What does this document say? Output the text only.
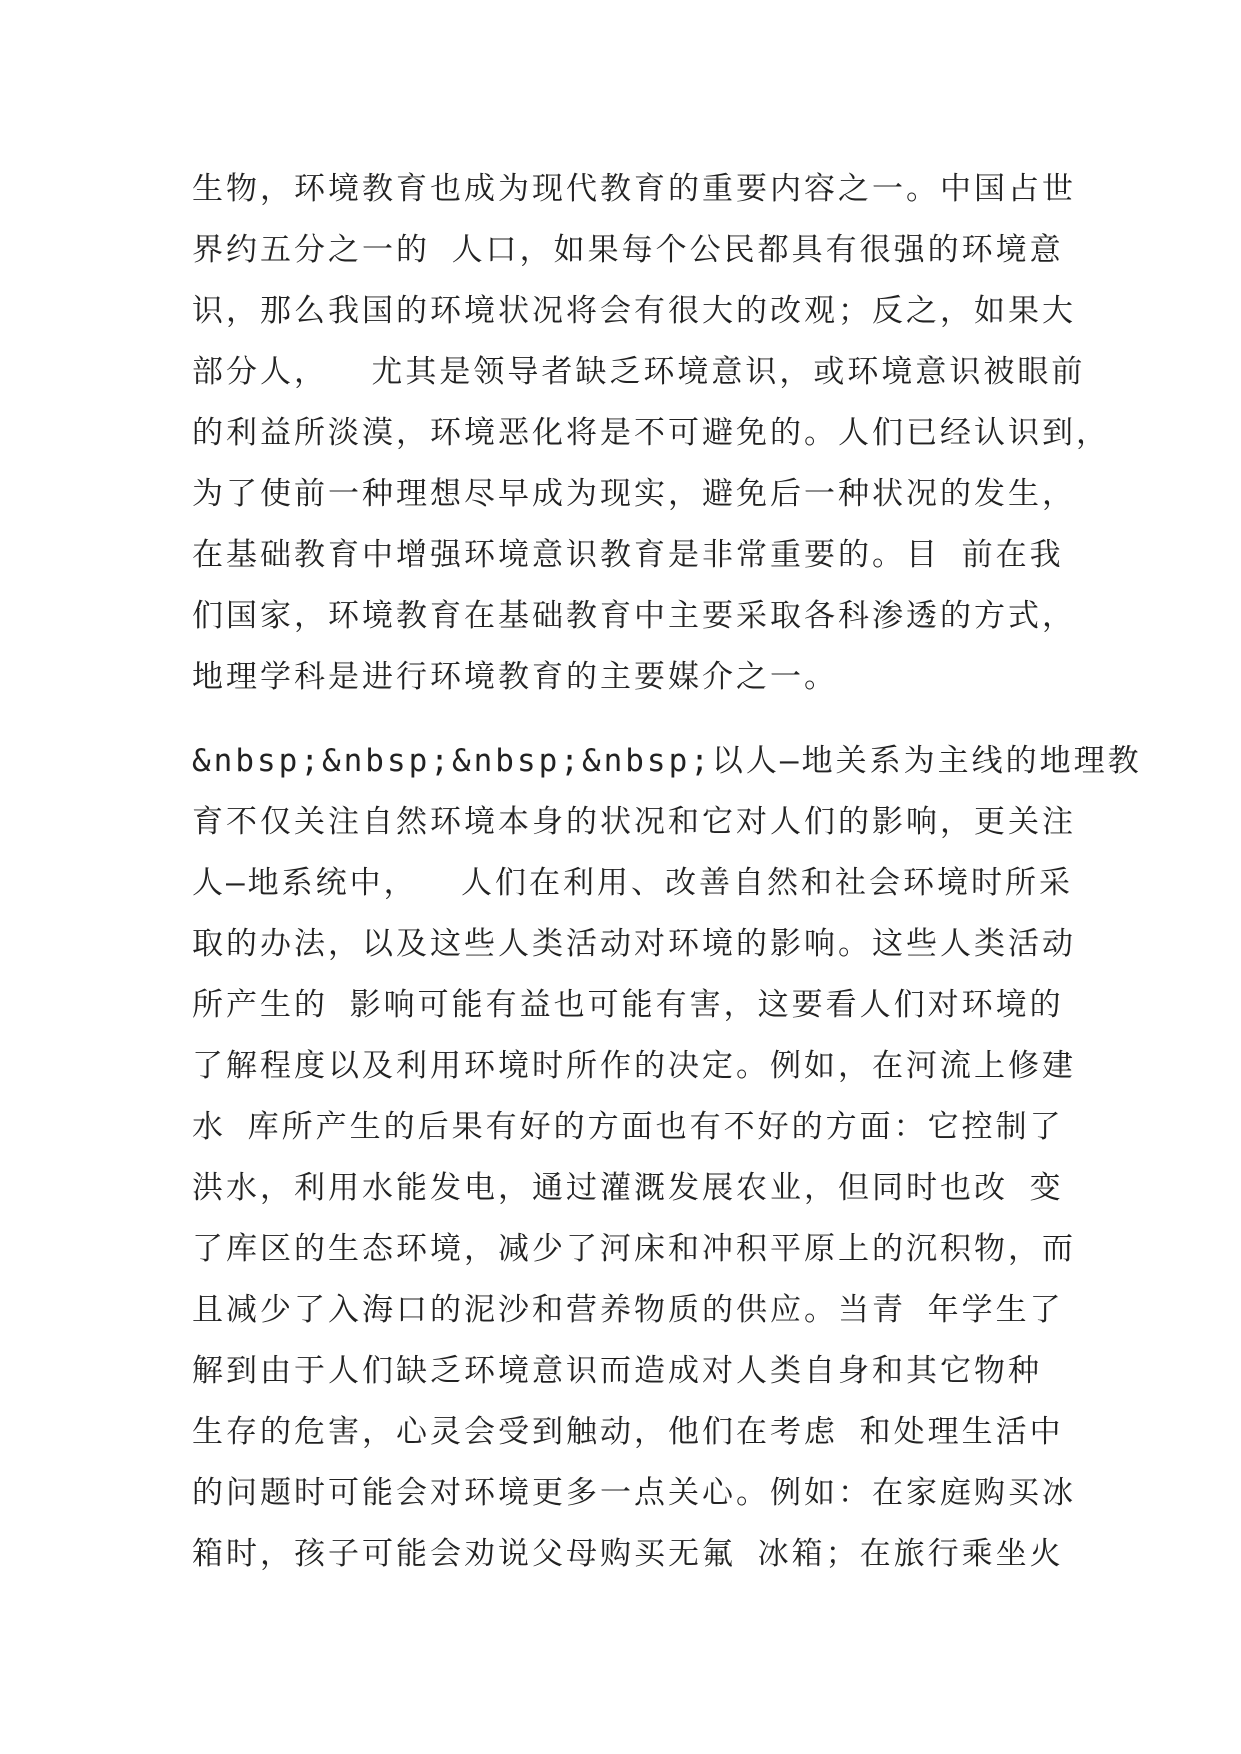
生物，环境教育也成为现代教育的重要内容之一。中国占世
界约五分之一的 人口，如果每个公民都具有很强的环境意
识，那么我国的环境状况将会有很大的改观；反之，如果大
部分人，  尤其是领导者缺乏环境意识，或环境意识被眼前
的利益所淡漠，环境恶化将是不可避免的。人们已经认识到，
为了使前一种理想尽早成为现实，避免后一种状况的发生，
在基础教育中增强环境意识教育是非常重要的。目 前在我
们国家，环境教育在基础教育中主要采取各科渗透的方式，
地理学科是进行环境教育的主要媒介之一。
&nbsp;&nbsp;&nbsp;&nbsp;以人—地关系为主线的地理教
育不仅关注自然环境本身的状况和它对人们的影响，更关注
人—地系统中，  人们在利用、改善自然和社会环境时所采
取的办法，以及这些人类活动对环境的影响。这些人类活动
所产生的 影响可能有益也可能有害，这要看人们对环境的
了解程度以及利用环境时所作的决定。例如，在河流上修建
水 库所产生的后果有好的方面也有不好的方面：它控制了
洪水，利用水能发电，通过灌溉发展农业，但同时也改 变
了库区的生态环境，减少了河床和冲积平原上的沉积物，而
且减少了入海口的泥沙和营养物质的供应。当青 年学生了
解到由于人们缺乏环境意识而造成对人类自身和其它物种
生存的危害，心灵会受到触动，他们在考虑 和处理生活中
的问题时可能会对环境更多一点关心。例如：在家庭购买冰
箱时，孩子可能会劝说父母购买无氟 冰箱；在旅行乘坐火
